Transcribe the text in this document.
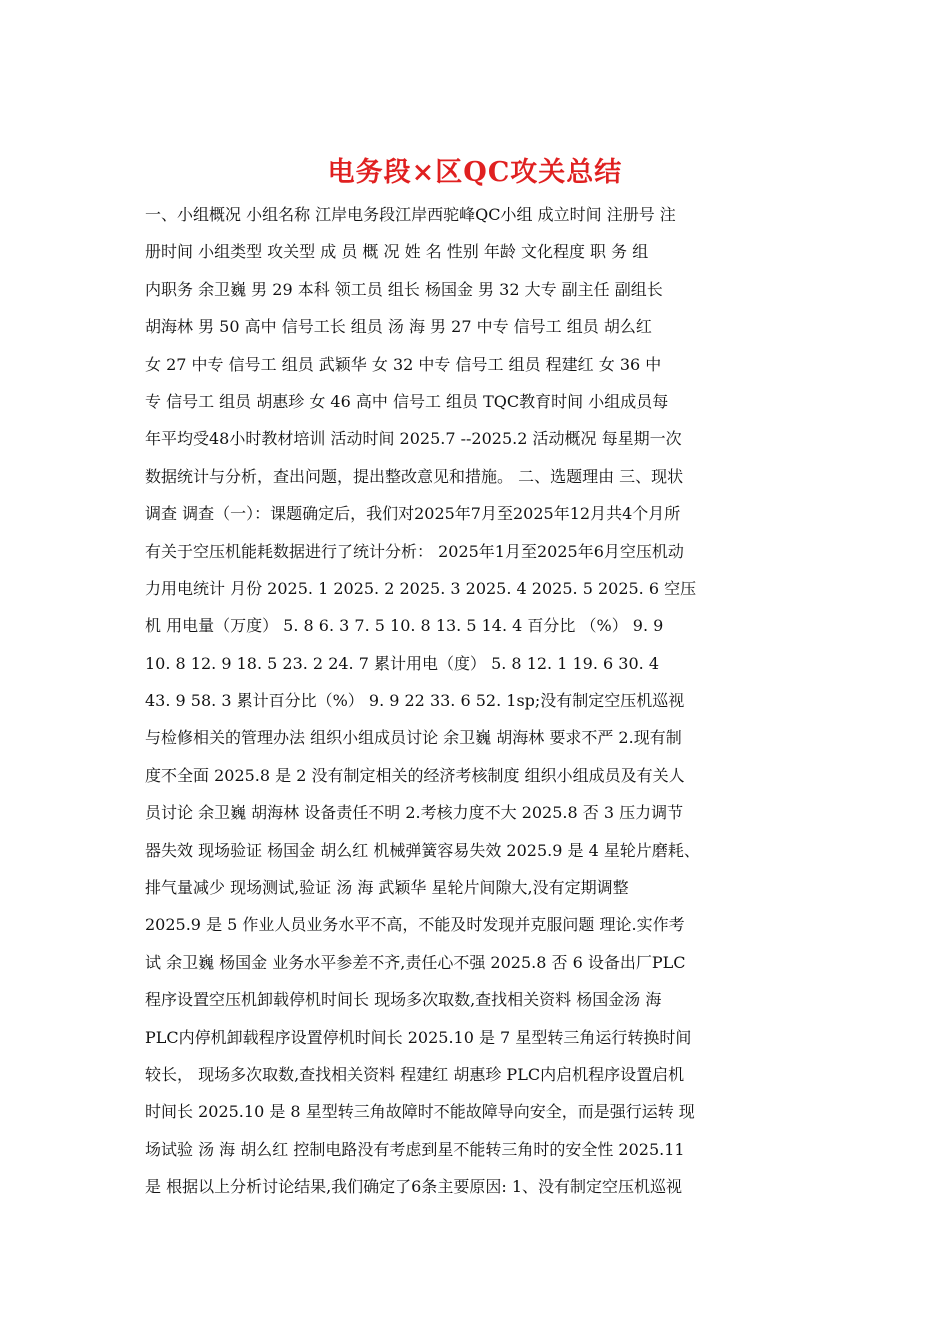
电务段×区QC攻关总结
一、小组概况 小组名称 江岸电务段江岸西驼峰QC小组 成立时间 注册号 注
册时间 小组类型 攻关型 成 员 概 况 姓 名 性别 年龄 文化程度 职 务 组
内职务 余卫巍 男 29 本科 领工员 组长 杨国金 男 32 大专 副主任 副组长
胡海林 男 50 高中 信号工长 组员 汤 海 男 27 中专 信号工 组员 胡么红
女 27 中专 信号工 组员 武颖华 女 32 中专 信号工 组员 程建红 女 36 中
专 信号工 组员 胡惠珍 女 46 高中 信号工 组员 TQC教育时间 小组成员每
年平均受48小时教材培训 活动时间 2025.7 --2025.2 活动概况 每星期一次
数据统计与分析，查出问题，提出整改意见和措施。 二、选题理由 三、现状
调查 调查（一）：课题确定后，我们对2025年7月至2025年12月共4个月所
有关于空压机能耗数据进行了统计分析： 2025年1月至2025年6月空压机动
力用电统计 月份 2025. 1 2025. 2 2025. 3 2025. 4 2025. 5 2025. 6 空压
机 用电量（万度） 5. 8 6. 3 7. 5 10. 8 13. 5 14. 4 百分比 （%） 9. 9
10. 8 12. 9 18. 5 23. 2 24. 7 累计用电（度） 5. 8 12. 1 19. 6 30. 4
43. 9 58. 3 累计百分比（%） 9. 9 22 33. 6 52. 1sp;没有制定空压机巡视
与检修相关的管理办法 组织小组成员讨论 余卫巍 胡海林 要求不严 2.现有制
度不全面 2025.8 是 2 没有制定相关的经济考核制度 组织小组成员及有关人
员讨论 余卫巍 胡海林 设备责任不明 2.考核力度不大 2025.8 否 3 压力调节
器失效 现场验证 杨国金 胡么红 机械弹簧容易失效 2025.9 是 4 星轮片磨耗、
排气量减少 现场测试,验证 汤 海 武颖华 星轮片间隙大,没有定期调整
2025.9 是 5 作业人员业务水平不高，不能及时发现并克服问题 理论.实作考
试 余卫巍 杨国金 业务水平参差不齐,责任心不强 2025.8 否 6 设备出厂PLC
程序设置空压机卸载停机时间长 现场多次取数,查找相关资料 杨国金汤 海
PLC内停机卸载程序设置停机时间长 2025.10 是 7 星型转三角运行转换时间
较长， 现场多次取数,查找相关资料 程建红 胡惠珍 PLC内启机程序设置启机
时间长 2025.10 是 8 星型转三角故障时不能故障导向安全，而是强行运转 现
场试验 汤 海 胡么红 控制电路没有考虑到星不能转三角时的安全性 2025.11
是 根据以上分析讨论结果,我们确定了6条主要原因: 1、没有制定空压机巡视
